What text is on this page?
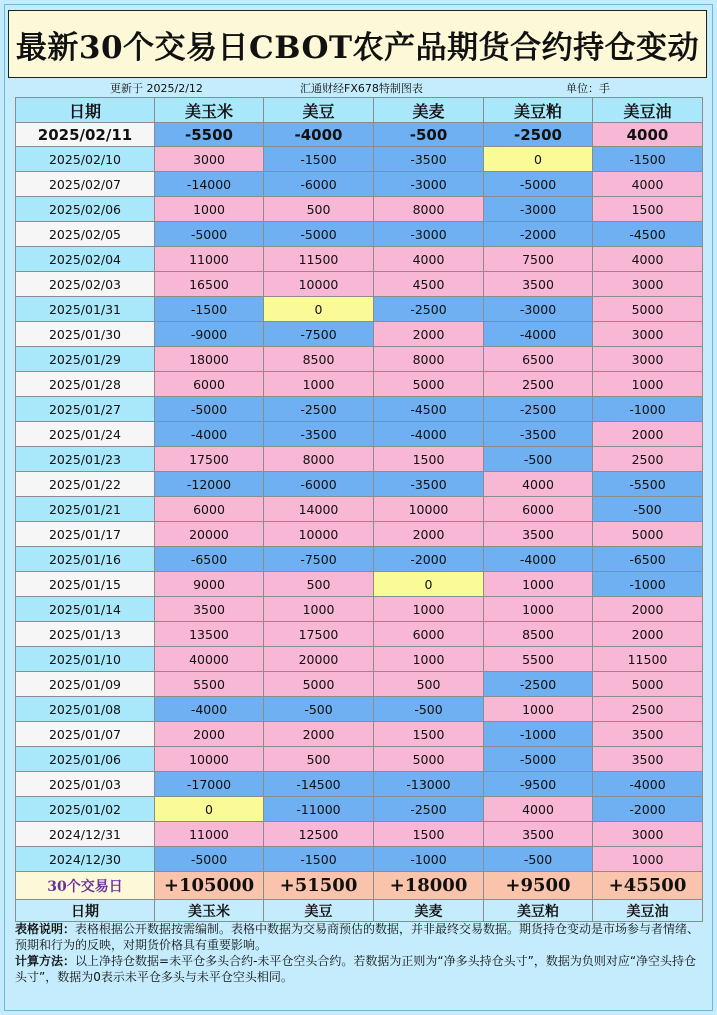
最新30个交易日CBOT农产品期货合约持仓变动
更新于 2025/2/12	汇通财经FX678特制图表	单位：手
日期	美玉米	美豆	美麦	美豆粕	美豆油
2025/02/11	-5500	-4000	-500	-2500	4000
2025/02/10	3000	-1500	-3500	0	-1500
2025/02/07	-14000	-6000	-3000	-5000	4000
2025/02/06	1000	500	8000	-3000	1500
2025/02/05	-5000	-5000	-3000	-2000	-4500
2025/02/04	11000	11500	4000	7500	4000
2025/02/03	16500	10000	4500	3500	3000
2025/01/31	-1500	0	-2500	-3000	5000
2025/01/30	-9000	-7500	2000	-4000	3000
2025/01/29	18000	8500	8000	6500	3000
2025/01/28	6000	1000	5000	2500	1000
2025/01/27	-5000	-2500	-4500	-2500	-1000
2025/01/24	-4000	-3500	-4000	-3500	2000
2025/01/23	17500	8000	1500	-500	2500
2025/01/22	-12000	-6000	-3500	4000	-5500
2025/01/21	6000	14000	10000	6000	-500
2025/01/17	20000	10000	2000	3500	5000
2025/01/16	-6500	-7500	-2000	-4000	-6500
2025/01/15	9000	500	0	1000	-1000
2025/01/14	3500	1000	1000	1000	2000
2025/01/13	13500	17500	6000	8500	2000
2025/01/10	40000	20000	1000	5500	11500
2025/01/09	5500	5000	500	-2500	5000
2025/01/08	-4000	-500	-500	1000	2500
2025/01/07	2000	2000	1500	-1000	3500
2025/01/06	10000	500	5000	-5000	3500
2025/01/03	-17000	-14500	-13000	-9500	-4000
2025/01/02	0	-11000	-2500	4000	-2000
2024/12/31	11000	12500	1500	3500	3000
2024/12/30	-5000	-1500	-1000	-500	1000
30个交易日	+105000	+51500	+18000	+9500	+45500
日期	美玉米	美豆	美麦	美豆粕	美豆油

表格说明：表格根据公开数据按需编制。表格中数据为交易商预估的数据，并非最终交易数据。期货持仓变动是市场参与者情绪、预期和行为的反映，对期货价格具有重要影响。

计算方法：以上净持仓数据=未平仓多头合约-未平仓空头合约。若数据为正则为“净多头持仓头寸”，数据为负则对应“净空头持仓头寸”，数据为0表示未平仓多头与未平仓空头相同。
